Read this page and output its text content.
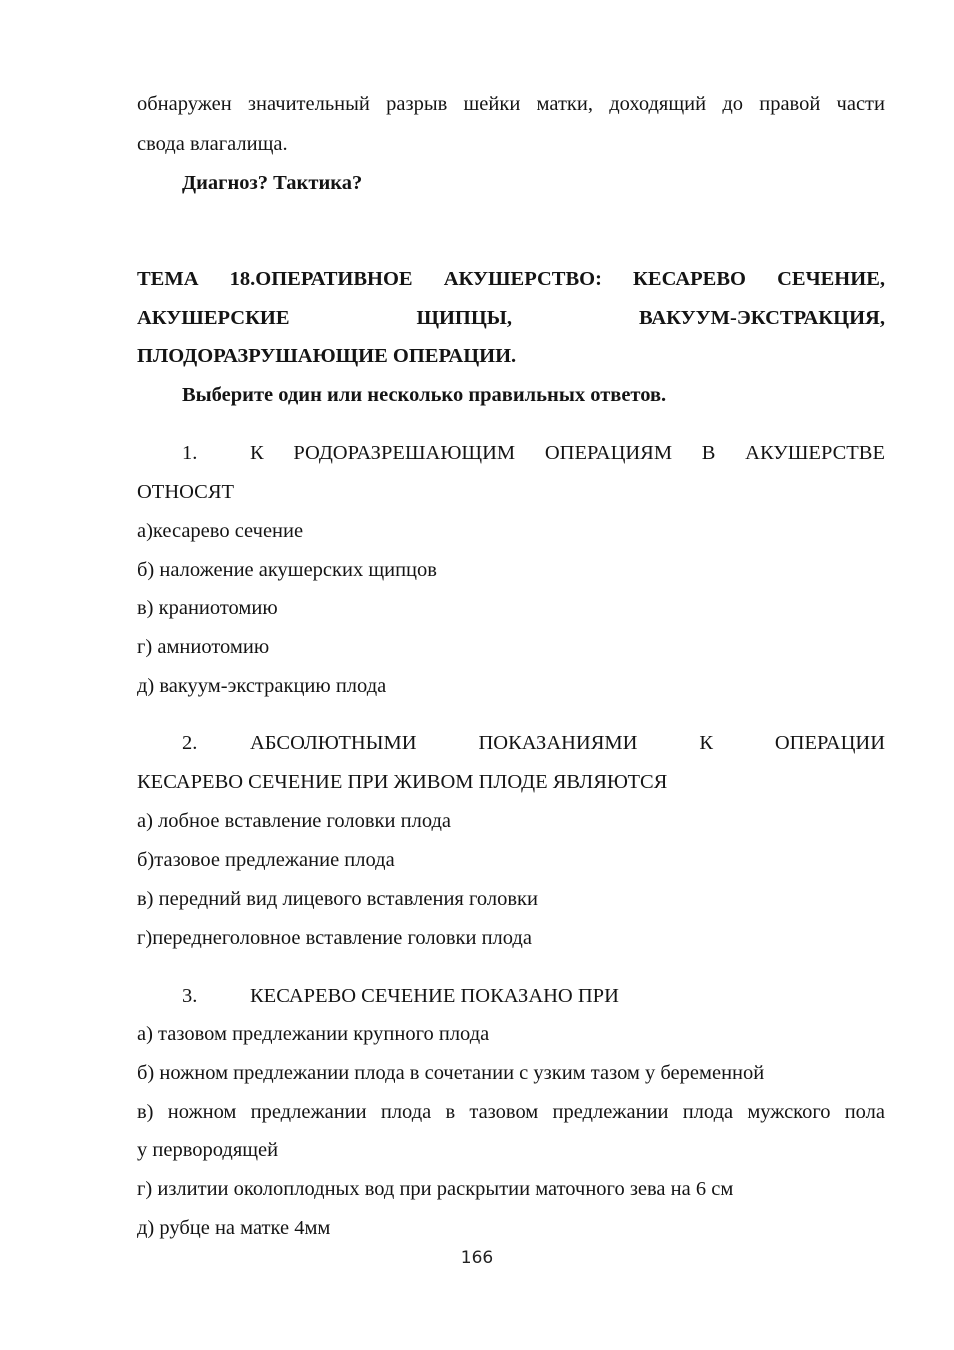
обнаружен значительный разрыв шейки матки, доходящий до правой части
свода влагалища.
Диагноз? Тактика?
ТЕМА 18.ОПЕРАТИВНОЕ АКУШЕРСТВО: КЕСАРЕВО СЕЧЕНИЕ,
АКУШЕРСКИЕ	ЩИПЦЫ,	ВАКУУМ-ЭКСТРАКЦИЯ,
ПЛОДОРАЗРУШАЮЩИЕ ОПЕРАЦИИ.
Выберите один или несколько правильных ответов.
1.	К РОДОРАЗРЕШАЮЩИМ ОПЕРАЦИЯМ В АКУШЕРСТВЕ
ОТНОСЯТ
а)кесарево сечение
б) наложение акушерских щипцов
в) краниотомию
г) амниотомию
д) вакуум-экстракцию плода
2.	АБСОЛЮТНЫМИ ПОКАЗАНИЯМИ К ОПЕРАЦИИ
КЕСАРЕВО СЕЧЕНИЕ ПРИ ЖИВОМ ПЛОДЕ ЯВЛЯЮТСЯ
а) лобное вставление головки плода
б)тазовое предлежание плода
в) передний вид лицевого вставления головки
г)переднеголовное вставление головки плода
3.	КЕСАРЕВО СЕЧЕНИЕ ПОКАЗАНО ПРИ
а) тазовом предлежании крупного плода
б) ножном предлежании плода в сочетании с узким тазом у беременной
в) ножном предлежании плода в тазовом предлежании плода мужского пола
у первородящей
г) излитии околоплодных вод при раскрытии маточного зева на 6 см
д) рубце на матке 4мм
166
